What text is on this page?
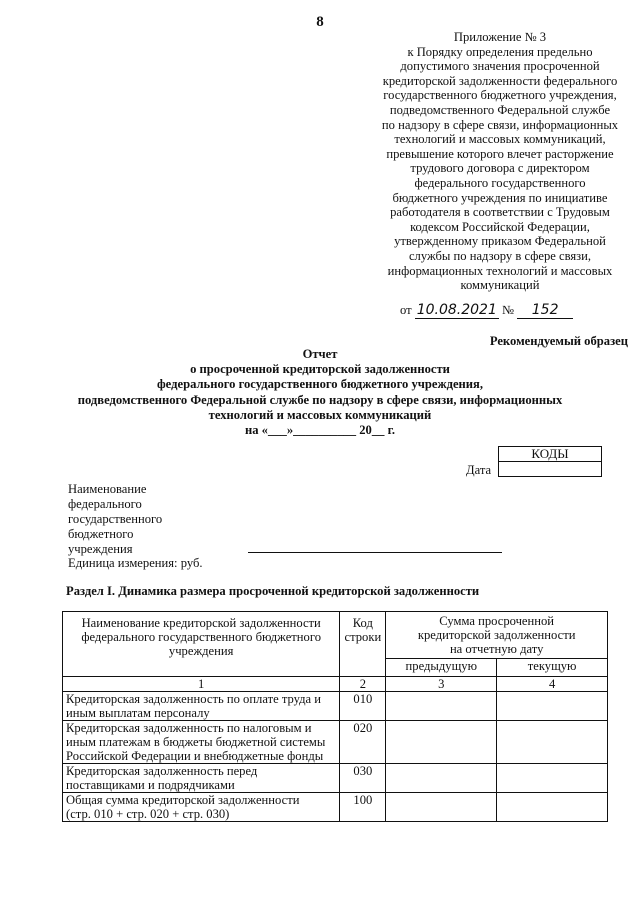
8
Приложение № 3
к Порядку определения предельно
допустимого значения просроченной
кредиторской задолженности федерального
государственного бюджетного учреждения,
подведомственного Федеральной службе
по надзору в сфере связи, информационных
технологий и массовых коммуникаций,
превышение которого влечет расторжение
трудового договора с директором
федерального государственного
бюджетного учреждения по инициативе
работодателя в соответствии с Трудовым
кодексом Российской Федерации,
утвержденному приказом Федеральной
службы по надзору в сфере связи,
информационных технологий и массовых
коммуникаций
от 10.08.2021 № 152
Рекомендуемый образец
Отчет
о просроченной кредиторской задолженности
федерального государственного бюджетного учреждения,
подведомственного Федеральной службе по надзору в сфере связи, информационных
технологий и массовых коммуникаций
на «___»__________ 20__ г.
КОДЫ
Дата
Наименование
федерального
государственного
бюджетного
учреждения
Единица измерения: руб.
Раздел I. Динамика размера просроченной кредиторской задолженности
Наименование кредиторской задолженности федерального государственного бюджетного учреждения	Код строки	Сумма просроченной кредиторской задолженности на отчетную дату	
		предыдущую	текущую
1	2	3	4
Кредиторская задолженность по оплате труда и иным выплатам персоналу	010		
Кредиторская задолженность по налоговым и иным платежам в бюджеты бюджетной системы Российской Федерации и внебюджетные фонды	020		
Кредиторская задолженность перед поставщиками и подрядчиками	030		
Общая сумма кредиторской задолженности
(стр. 010 + стр. 020 + стр. 030)	100		
